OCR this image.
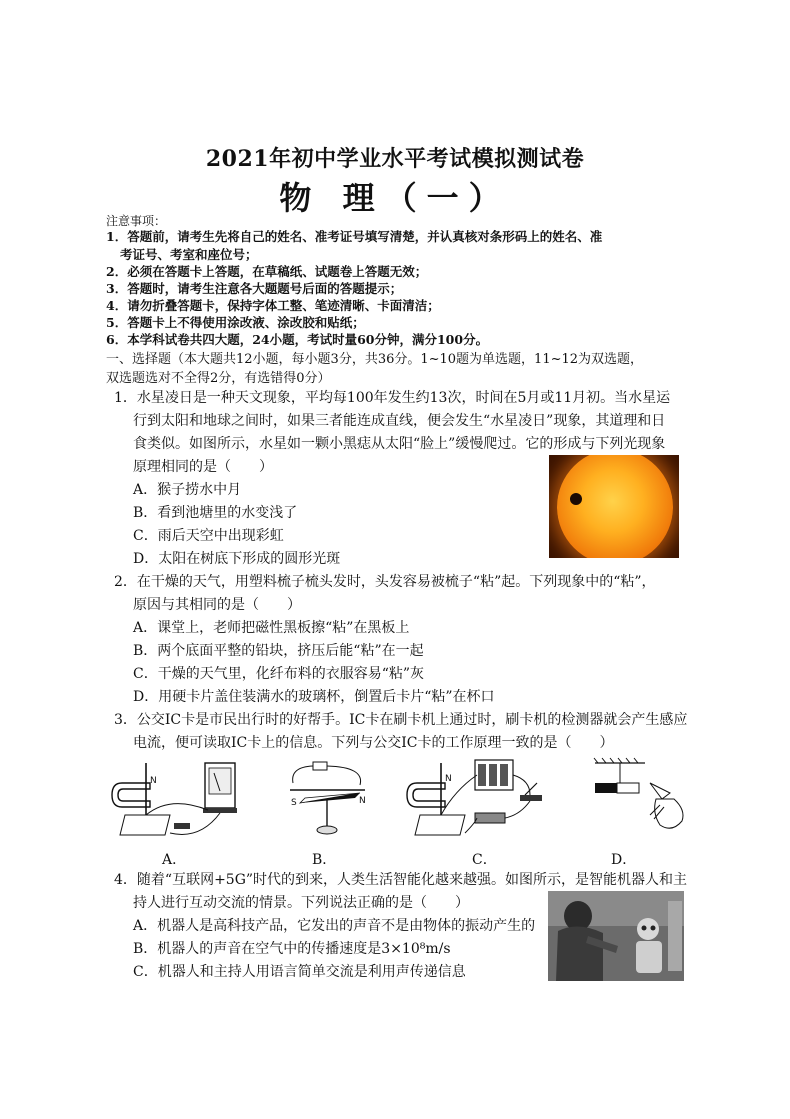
2021年初中学业水平考试模拟测试卷
物 理（一）
注意事项：
1．答题前，请考生先将自己的姓名、准考证号填写清楚，并认真核对条形码上的姓名、准
考证号、考室和座位号；
2．必须在答题卡上答题，在草稿纸、试题卷上答题无效；
3．答题时，请考生注意各大题题号后面的答题提示；
4．请勿折叠答题卡，保持字体工整、笔迹清晰、卡面清洁；
5．答题卡上不得使用涂改液、涂改胶和贴纸；
6．本学科试卷共四大题，24小题，考试时量60分钟，满分100分。
一、选择题（本大题共12小题，每小题3分，共36分。1~10题为单选题，11~12为双选题，
双选题选对不全得2分，有选错得0分）
1．水星凌日是一种天文现象，平均每100年发生约13次，时间在5月或11月初。当水星运
行到太阳和地球之间时，如果三者能连成直线，便会发生“水星凌日”现象，其道理和日
食类似。如图所示，水星如一颗小黑痣从太阳“脸上”缓慢爬过。它的形成与下列光现象
原理相同的是（　　）
A．猴子捞水中月
B．看到池塘里的水变浅了
C．雨后天空中出现彩虹
D．太阳在树底下形成的圆形光斑
2．在干燥的天气，用塑料梳子梳头发时，头发容易被梳子“粘”起。下列现象中的“粘”，
原因与其相同的是（　　）
A．课堂上，老师把磁性黑板擦“粘”在黑板上
B．两个底面平整的铅块，挤压后能“粘”在一起
C．干燥的天气里，化纤布料的衣服容易“粘”灰
D．用硬卡片盖住装满水的玻璃杯，倒置后卡片“粘”在杯口
3．公交IC卡是市民出行时的好帮手。IC卡在刷卡机上通过时，刷卡机的检测器就会产生感应
电流，便可读取IC卡上的信息。下列与公交IC卡的工作原理一致的是（　　）
N
A．
S	N
B．
N
C．	D．
4．随着“互联网+5G”时代的到来，人类生活智能化越来越强。如图所示，是智能机器人和主
持人进行互动交流的情景。下列说法正确的是（　　）
A．机器人是高科技产品，它发出的声音不是由物体的振动产生的
B．机器人的声音在空气中的传播速度是3×10⁸m/s
C．机器人和主持人用语言简单交流是利用声传递信息
